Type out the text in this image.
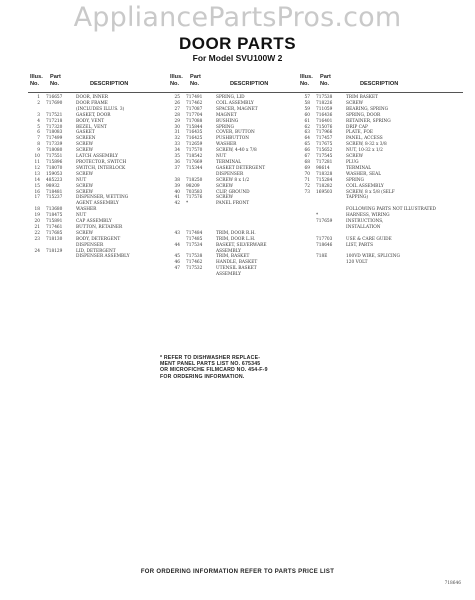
AppliancePartsPros.com
DOOR PARTS
For Model SVU100W 2
Illus.
No.
Part
No.	DESCRIPTION
1 716657	DOOR, INNER
2 717690	DOOR FRAME
(INCLUDES ILLUS. 3)
3 717521	GASKET, DOOR
4 717218	BODY, VENT
5 717320	BEZEL, VENT
6 718083	GASKET
7 717499	SCREEN
8 717339	SCREW
9 718080	SCREW
10 717551	LATCH ASSEMBLY
11 715896	PROTECTOR, SWITCH
12 718070	SWITCH, INTERLOCK
13 159053	SCREW
14 485223	NUT
15 98932	SCREW
16 718481	SCREW
17 715237	DISPENSER, WETTING
AGENT ASSEMBLY
18 713680	WASHER
19 718475	NUT
20 715891	CAP ASSEMBLY
21 717461	BUTTON, RETAINER
22 717685	SCREW
23 718130	BODY, DETERGENT
DISPENSER
24 718129	LID, DETERGENT
DISPENSER ASSEMBLY
Illus.
No.
Part
No.	DESCRIPTION
25 717491	SPRING, LID
26 717462	COIL ASSEMBLY
27 717087	SPACER, MAGNET
28 717704	MAGNET
29 717088	BUSHING
30 715844	SPRING
31 716435	COVER, BUTTON
32 716425	PUSHBUTTON
33 712659	WASHER
34 717570	SCREW, 4-40 x 7/8
35 718542	NUT
36 717669	TERMINAL
37 715344	GASKET DETERGENT
DISPENSER
38 718250	SCREW 8 x 1/2
39 98209	SCREW
40 703583	CLIP, GROUND
41 717576	SCREW
42 *	PANEL FRONT

43 717484	TRIM, DOOR R.H.
717485	TRIM, DOOR L.H.
44 717534	BASKET, SILVERWARE
ASSEMBLY
45 717538	TRIM, BASKET
46 717462	HANDLE, BASKET
47 717532	UTENSIL BASKET
ASSEMBLY
Illus.
No.
Part
No.	DESCRIPTION
57 717538	TRIM BASKET
58 718226	SCREW
59 711059	BEARING, SPRING
60 716436	SPRING, DOOR
61 716401	RETAINER, SPRING
62 715076	DRIP CAP
63 717966	PLATE, FOE
64 717457	PANEL, ACCESS
65 717675	SCREW, 8-32 x 3/8
66 715652	NUT, 10-32 x 1/2
67 717545	SCREW
68 717281	PLUG
69 98614	TERMINAL
70 718328	WASHER, SEAL
71 715284	SPRING
72 718282	COIL ASSEMBLY
73 169503	SCREW, 8 x 5/8 (SELF
TAPPING)

FOLLOWING PARTS NOT ILLUSTRATED
*	HARNESS, WIRING
717659	INSTRUCTIONS,
INSTALLATION

717703	USE & CARE GUIDE
718646	LIST, PARTS

718E	100VD WIRE, SPLICING
120 VOLT
* REFER TO DISHWASHER REPLACE-
MENT PANEL PARTS LIST NO. 675345
OR MICROFICHE FILMCARD NO. 454-F-9
FOR ORDERING INFORMATION.
FOR ORDERING INFORMATION REFER TO PARTS PRICE LIST
718646
